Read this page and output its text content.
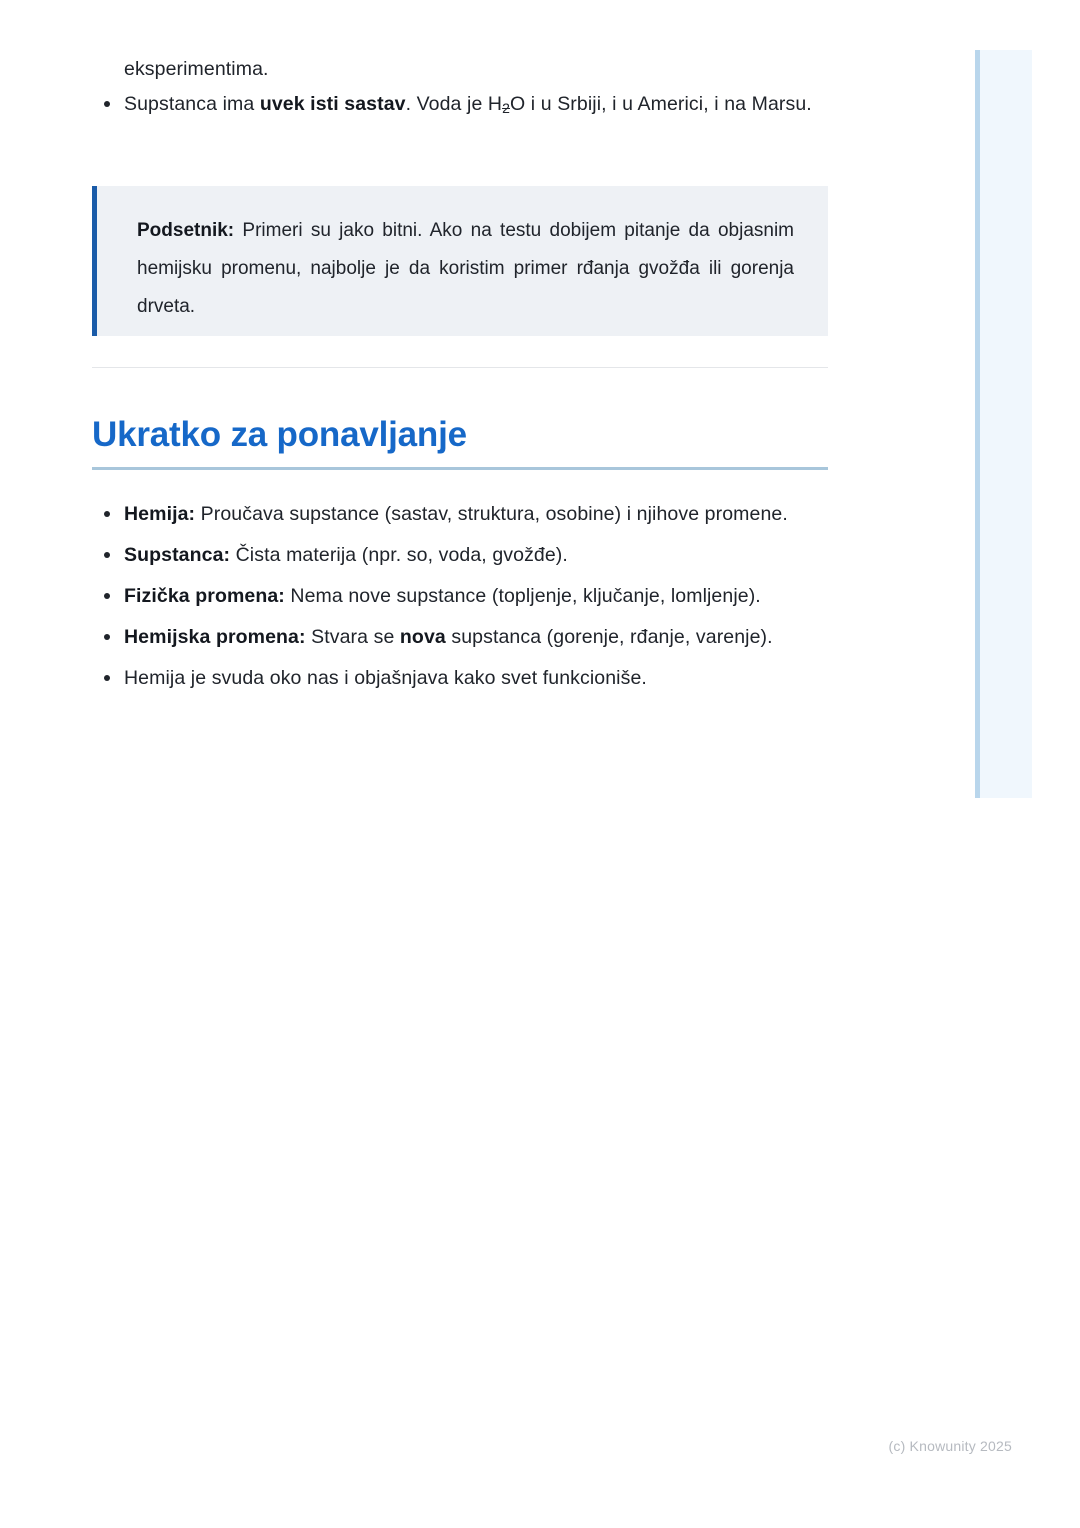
eksperimentima.
Supstanca ima uvek isti sastav. Voda je $H_2O$ i u Srbiji, i u Americi, i na Marsu.

Podsetnik: Primeri su jako bitni. Ako na testu dobijem pitanje da objasnim hemijsku promenu, najbolje je da koristim primer rđanja gvožđa ili gorenja drveta.

Ukratko za ponavljanje
Hemija: Proučava supstance (sastav, struktura, osobine) i njihove promene.
Supstanca: Čista materija (npr. so, voda, gvožđe).
Fizička promena: Nema nove supstance (topljenje, ključanje, lomljenje).
Hemijska promena: Stvara se nova supstanca (gorenje, rđanje, varenje).
Hemija je svuda oko nas i objašnjava kako svet funkcioniše.
(c) Knowunity 2025
